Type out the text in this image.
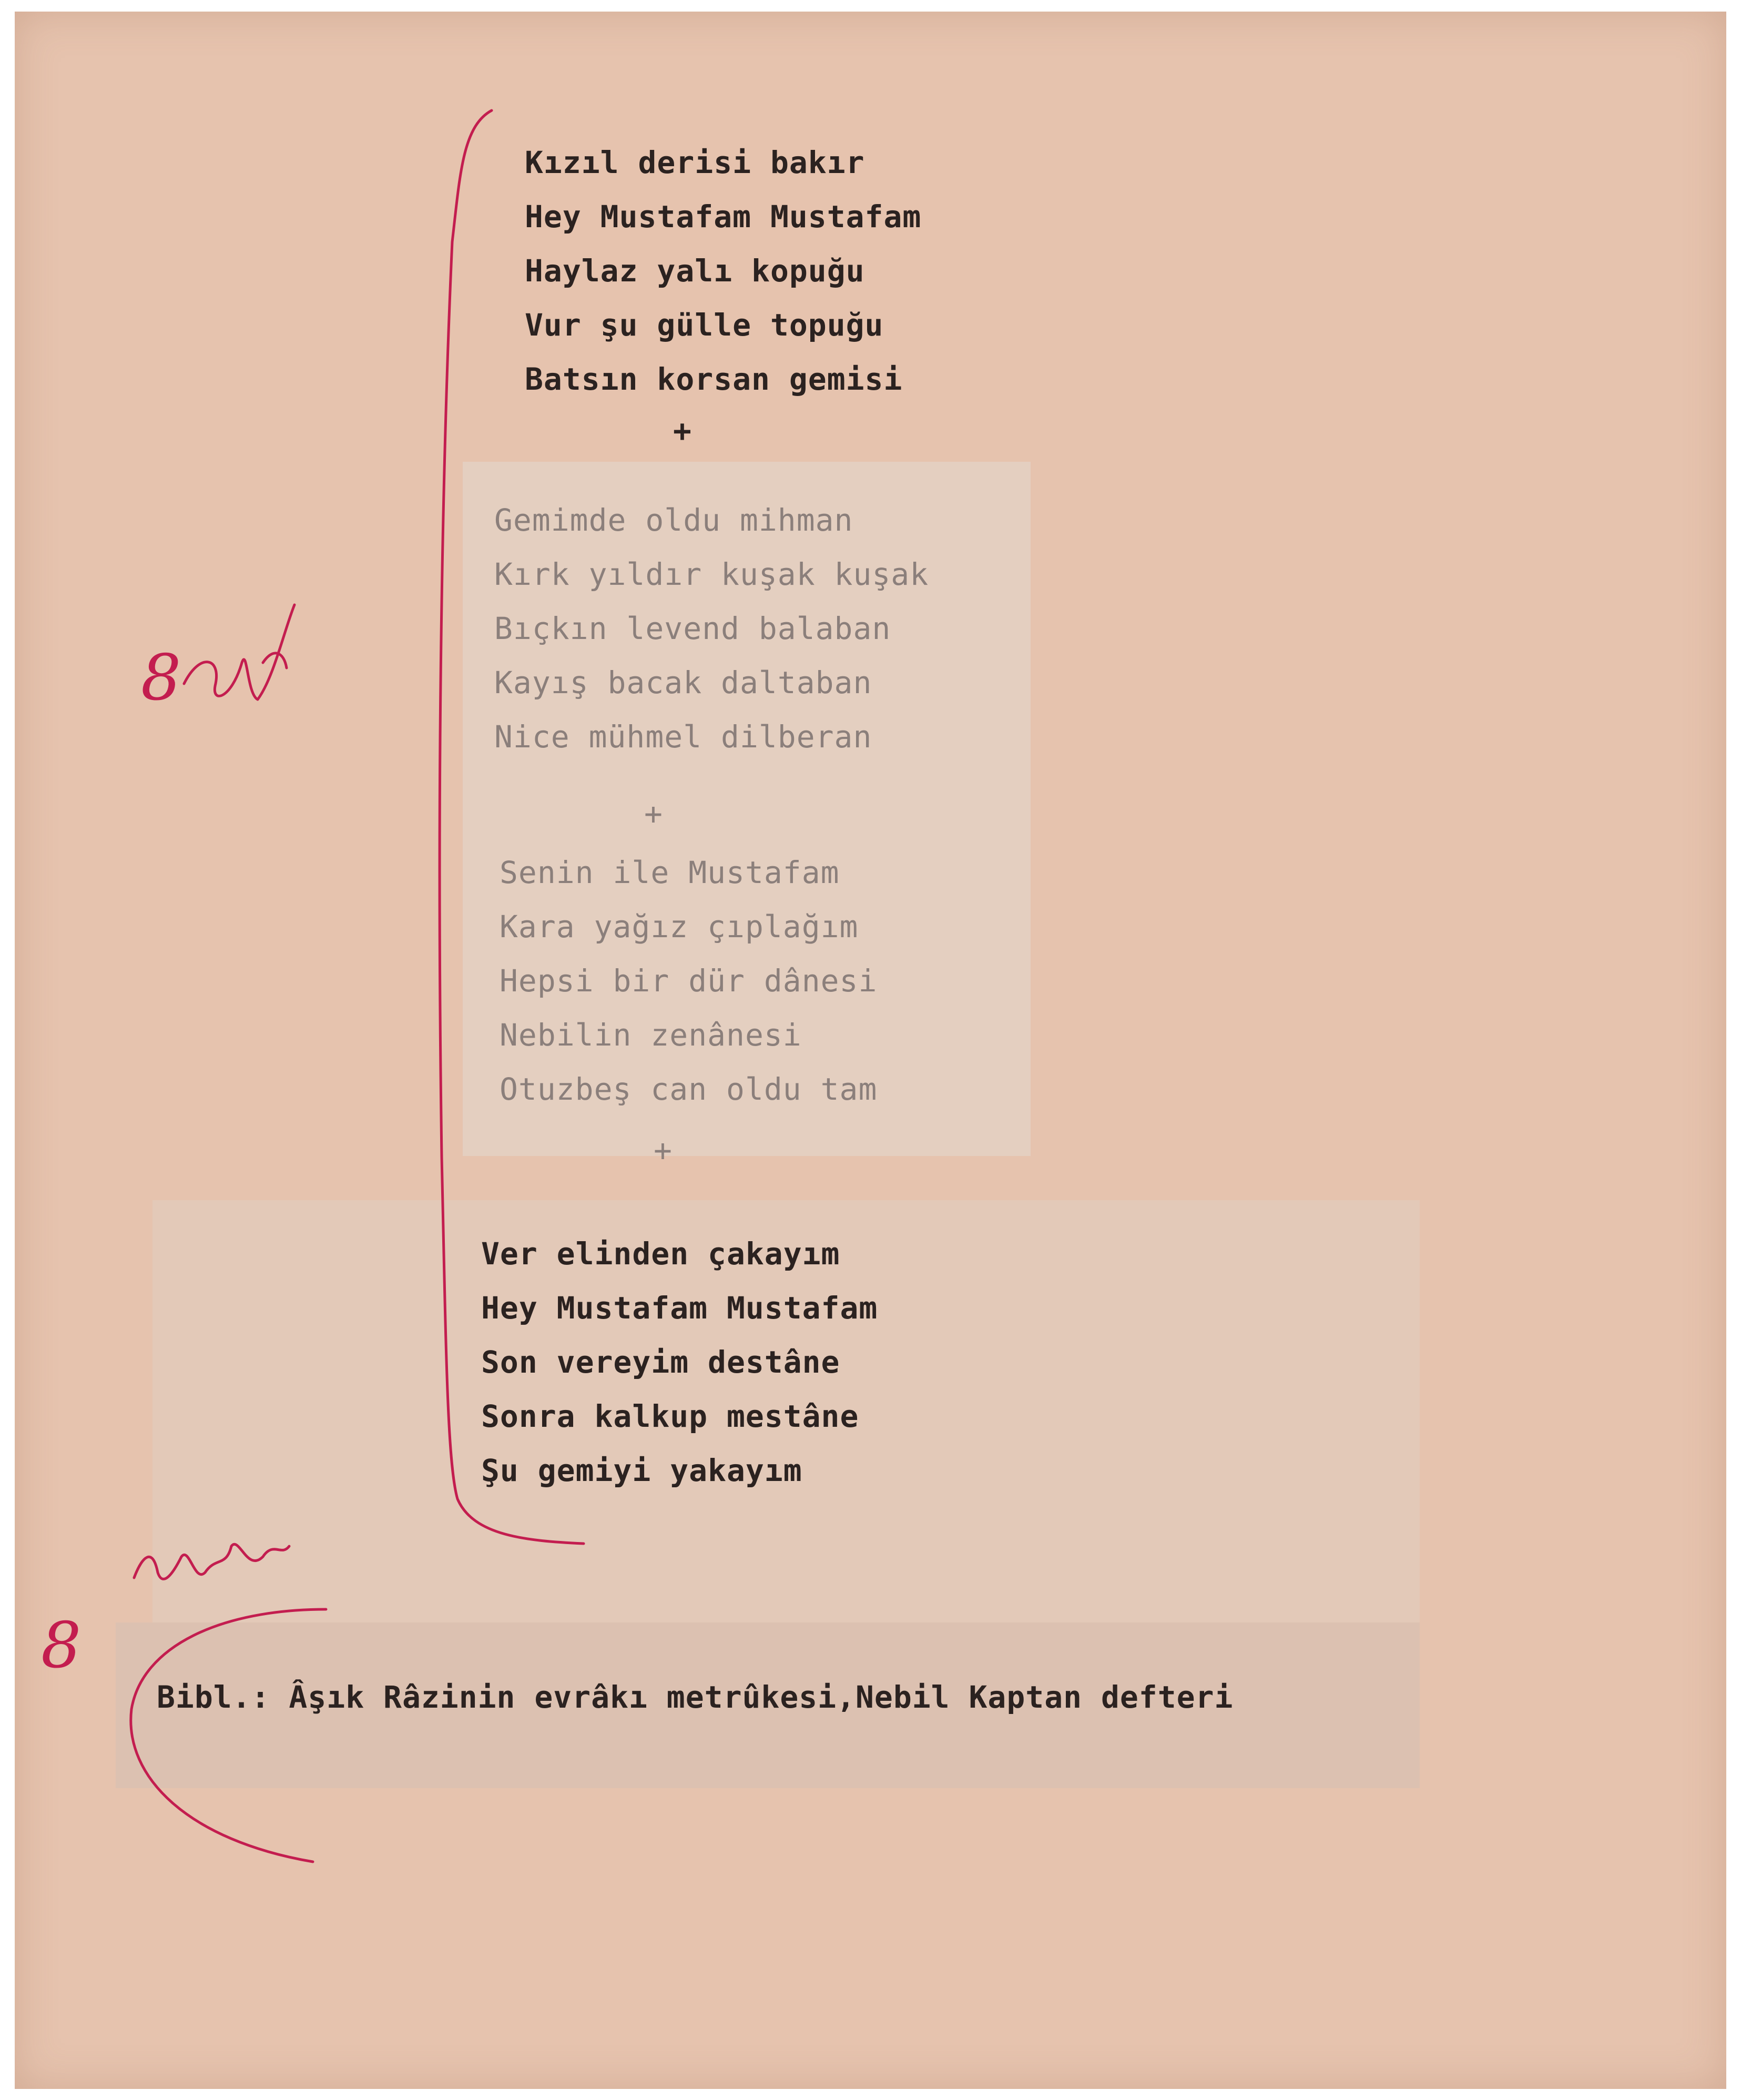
Kızıl derisi bakır
Hey Mustafam Mustafam
Haylaz yalı kopuğu
Vur şu gülle topuğu
Batsın korsan gemisi
+
Gemimde oldu mihman
Kırk yıldır kuşak kuşak
Bıçkın levend balaban
Kayış bacak daltaban
Nice mühmel dilberan
+
Senin ile Mustafam
Kara yağız çıplağım
Hepsi bir dür dânesi
Nebilin zenânesi
Otuzbeş can oldu tam
+
Ver elinden çakayım
Hey Mustafam Mustafam
Son vereyim destâne
Sonra kalkup mestâne
Şu gemiyi yakayım
Bibl.: Âşık Râzinin evrâkı metrûkesi,Nebil Kaptan defteri
8
8
